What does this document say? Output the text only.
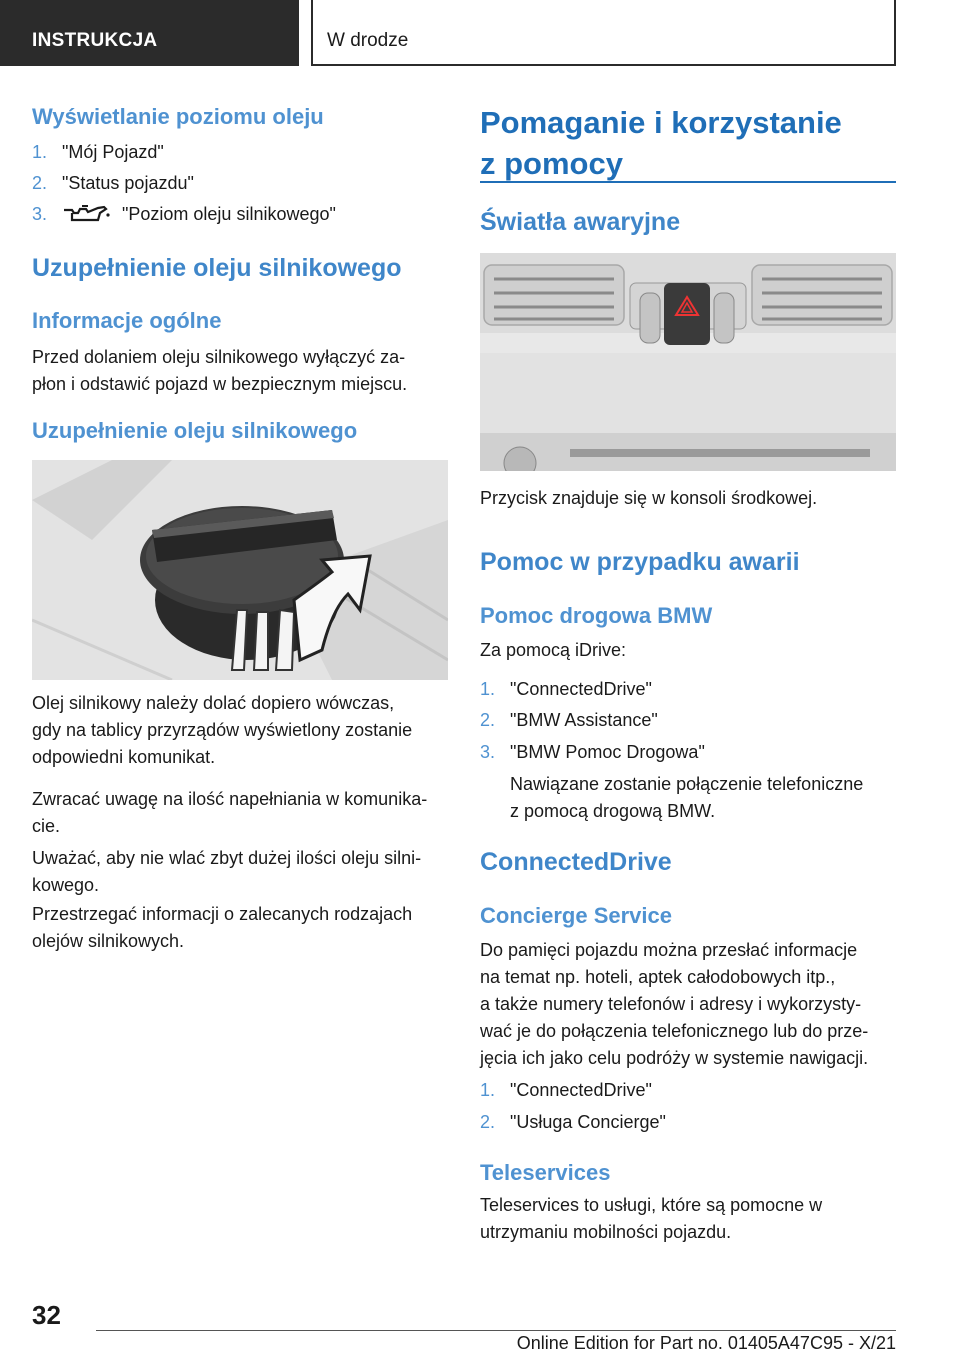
INSTRUKCJA	W drodze
Wyświetlanie poziomu oleju
1. "Mój Pojazd"
2. "Status pojazdu"
3.	"Poziom oleju silnikowego"
Uzupełnienie oleju silnikowego
Informacje ogólne
Przed dolaniem oleju silnikowego wyłączyć za‐
płon i odstawić pojazd w bezpiecznym miejscu.
Uzupełnienie oleju silnikowego
Olej silnikowy należy dolać dopiero wówczas,
gdy na tablicy przyrządów wyświetlony zostanie
odpowiedni komunikat.
Zwracać uwagę na ilość napełniania w komunika‐
cie.
Uważać, aby nie wlać zbyt dużej ilości oleju silni‐
kowego.
Przestrzegać informacji o zalecanych rodzajach
olejów silnikowych.
Pomaganie i korzystanie
z pomocy
Światła awaryjne
Przycisk znajduje się w konsoli środkowej.
Pomoc w przypadku awarii
Pomoc drogowa BMW
Za pomocą iDrive:
1. "ConnectedDrive"
2. "BMW Assistance"
3. "BMW Pomoc Drogowa"
Nawiązane zostanie połączenie telefoniczne
z pomocą drogową BMW.
ConnectedDrive
Concierge Service
Do pamięci pojazdu można przesłać informacje
na temat np. hoteli, aptek całodobowych itp.,
a także numery telefonów i adresy i wykorzysty‐
wać je do połączenia telefonicznego lub do prze‐
jęcia ich jako celu podróży w systemie nawigacji.
1. "ConnectedDrive"
2. "Usługa Concierge"
Teleservices
Teleservices to usługi, które są pomocne w
utrzymaniu mobilności pojazdu.
32
Online Edition for Part no. 01405A47C95 - X/21
